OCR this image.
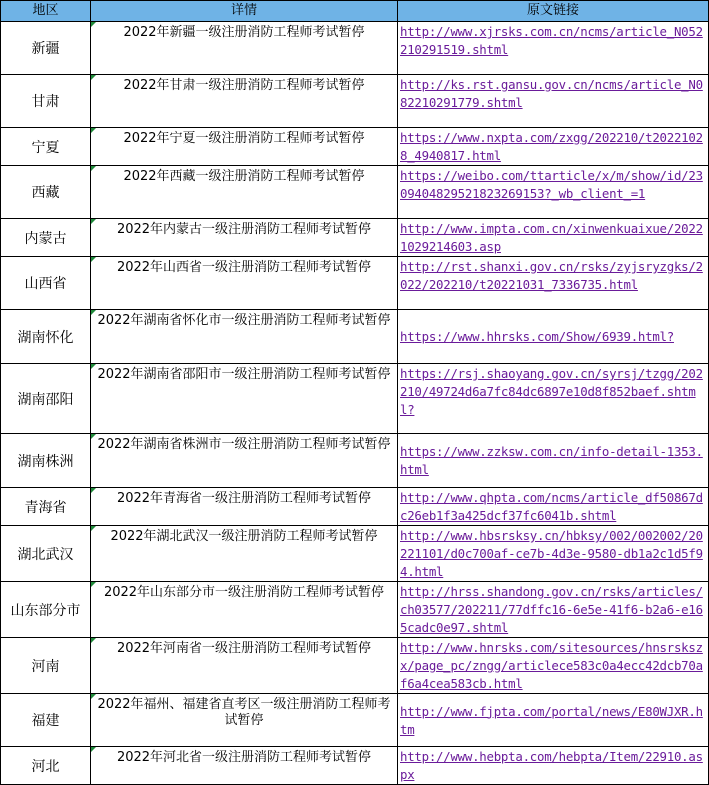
地区	详情	原文链接
新疆	2022年新疆一级注册消防工程师考试暂停	http://www.xjrsks.com.cn/ncms/article_N052210291519.shtml
甘肃	2022年甘肃一级注册消防工程师考试暂停	http://ks.rst.gansu.gov.cn/ncms/article_N082210291779.shtml
宁夏	2022年宁夏一级注册消防工程师考试暂停	https://www.nxpta.com/zxgg/202210/t20221028_4940817.html
西藏	2022年西藏一级注册消防工程师考试暂停	https://weibo.com/ttarticle/x/m/show/id/2309404829521823269153?_wb_client_=1
内蒙古	2022年内蒙古一级注册消防工程师考试暂停	http://www.impta.com.cn/xinwenkuaixue/20221029214603.asp
山西省	2022年山西省一级注册消防工程师考试暂停	http://rst.shanxi.gov.cn/rsks/zyjsryzgks/2022/202210/t20221031_7336735.html
湖南怀化	2022年湖南省怀化市一级注册消防工程师考试暂停	https://www.hhrsks.com/Show/6939.html?
湖南邵阳	2022年湖南省邵阳市一级注册消防工程师考试暂停	https://rsj.shaoyang.gov.cn/syrsj/tzgg/202210/49724d6a7fc84dc6897e10d8f852baef.shtml?
湖南株洲	2022年湖南省株洲市一级注册消防工程师考试暂停	https://www.zzksw.com.cn/info-detail-1353.html
青海省	2022年青海省一级注册消防工程师考试暂停	http://www.qhpta.com/ncms/article_df50867dc26eb1f3a425dcf37fc6041b.shtml
湖北武汉	2022年湖北武汉一级注册消防工程师考试暂停	http://www.hbsrsksy.cn/hbksy/002/002002/20221101/d0c700af-ce7b-4d3e-9580-db1a2c1d5f94.html
山东部分市	2022年山东部分市一级注册消防工程师考试暂停	http://hrss.shandong.gov.cn/rsks/articles/ch03577/202211/77dffc16-6e5e-41f6-b2a6-e165cadc0e97.shtml
河南	2022年河南省一级注册消防工程师考试暂停	http://www.hnrsks.com/sitesources/hnsrsksz x/page_pc/zngg/articlece583c0a4ecc42dcb70af6a4cea583cb.html
福建	2022年福州、福建省直考区一级注册消防工程师考试暂停	http://www.fjpta.com/portal/news/E80WJXR.htm
河北	2022年河北省一级注册消防工程师考试暂停	http://www.hebpta.com/hebpta/Item/22910.aspx
